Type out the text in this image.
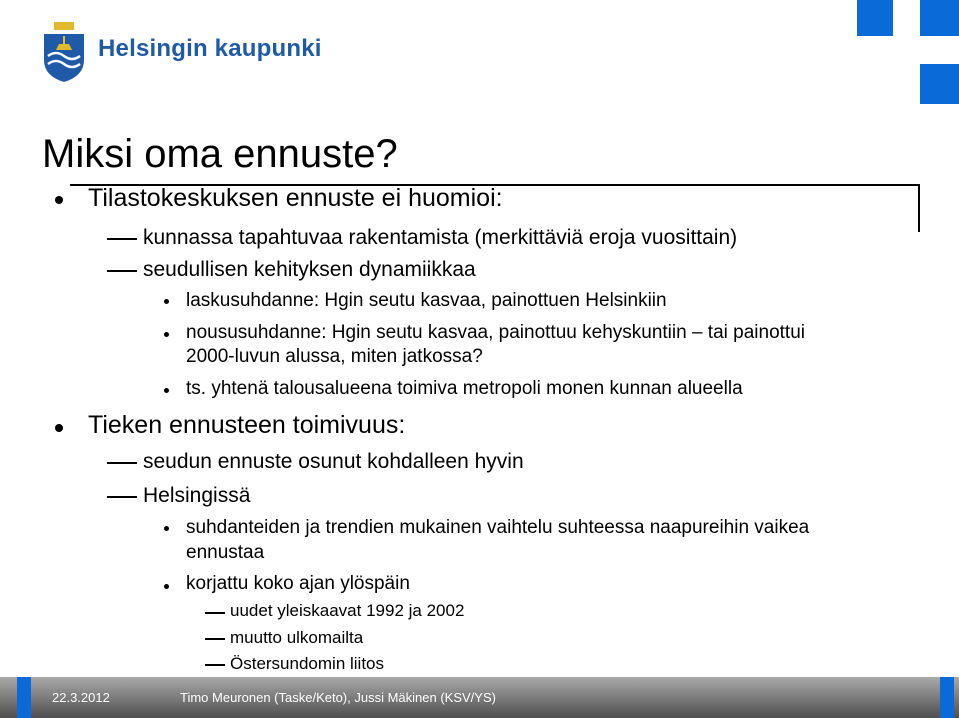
Helsingin kaupunki
Miksi oma ennuste?
Tilastokeskuksen ennuste ei huomioi:
kunnassa tapahtuvaa rakentamista (merkittäviä eroja vuosittain)
seudullisen kehityksen dynamiikkaa
laskusuhdanne: Hgin seutu kasvaa, painottuen Helsinkiin
noususuhdanne: Hgin seutu kasvaa, painottuu kehyskuntiin – tai painottui
2000-luvun alussa, miten jatkossa?
ts. yhtenä talousalueena toimiva metropoli monen kunnan alueella
Tieken ennusteen toimivuus:
seudun ennuste osunut kohdalleen hyvin
Helsingissä
suhdanteiden ja trendien mukainen vaihtelu suhteessa naapureihin vaikea
ennustaa
korjattu koko ajan ylöspäin
uudet yleiskaavat 1992 ja 2002
muutto ulkomailta
Östersundomin liitos
22.3.2012	Timo Meuronen (Taske/Keto), Jussi Mäkinen (KSV/YS)
